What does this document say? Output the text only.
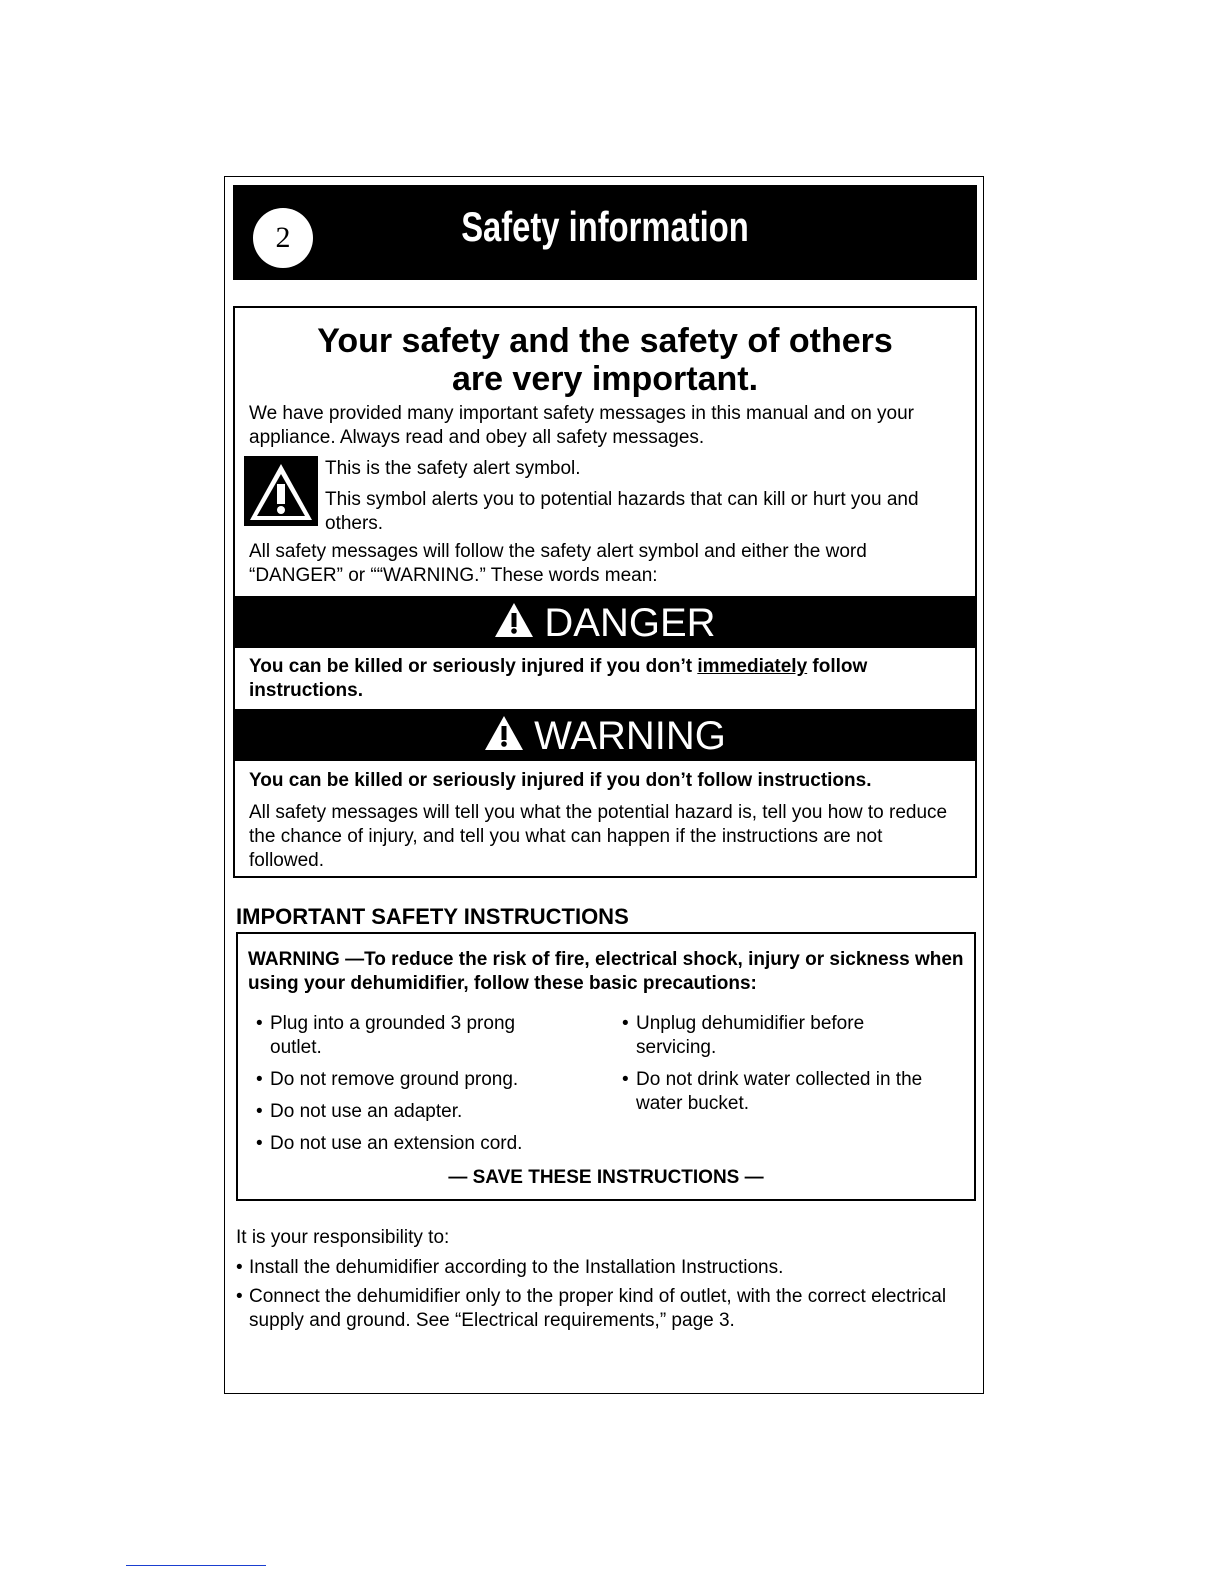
2	Safety information
Your safety and the safety of others
are very important.
We have provided many important safety messages in this manual and on your appliance. Always read and obey all safety messages.
This is the safety alert symbol.
This symbol alerts you to potential hazards that can kill or hurt you and others.
All safety messages will follow the safety alert symbol and either the word “DANGER” or ““WARNING.” These words mean:
DANGER
You can be killed or seriously injured if you don’t immediately follow instructions.
WARNING
You can be killed or seriously injured if you don’t follow instructions.
All safety messages will tell you what the potential hazard is, tell you how to reduce the chance of injury, and tell you what can happen if the instructions are not followed.
IMPORTANT SAFETY INSTRUCTIONS
WARNING —To reduce the risk of fire, electrical shock, injury or sickness when using your dehumidifier, follow these basic precautions:
• Plug into a grounded 3 prong outlet.
• Do not remove ground prong.
• Do not use an adapter.
• Do not use an extension cord.
• Unplug dehumidifier before servicing.
• Do not drink water collected in the water bucket.
— SAVE THESE INSTRUCTIONS —
It is your responsibility to:
• Install the dehumidifier according to the Installation Instructions.
• Connect the dehumidifier only to the proper kind of outlet, with the correct electrical supply and ground. See “Electrical requirements,” page 3.
